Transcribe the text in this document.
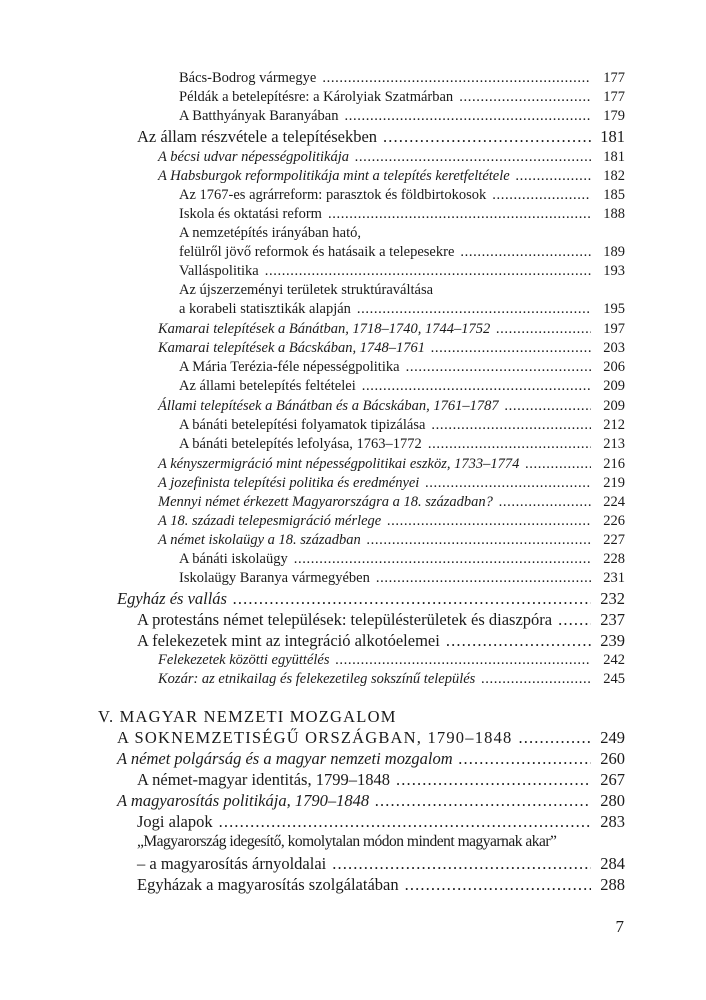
Bács-Bodrog vármegye . . .	177
Példák a betelepítésre: a Károlyiak Szatmárban . . .	177
A Batthyányak Baranyában . . .	179
Az állam részvétele a telepítésekben . . .	181
A bécsi udvar népességpolitikája . . .	181
A Habsburgok reformpolitikája mint a telepítés keretfeltétele . . .	182
Az 1767-es agrárreform: parasztok és földbirtokosok . . .	185
Iskola és oktatási reform . . .	188
A nemzetépítés irányában ható,
felülről jövő reformok és hatásaik a telepesekre . . .	189
Valláspolitika . . .	193
Az újszerzeményi területek struktúraváltása
a korabeli statisztikák alapján . . .	195
Kamarai telepítések a Bánátban, 1718–1740, 1744–1752 . . .	197
Kamarai telepítések a Bácskában, 1748–1761 . . .	203
A Mária Terézia-féle népességpolitika . . .	206
Az állami betelepítés feltételei . . .	209
Állami telepítések a Bánátban és a Bácskában, 1761–1787 . . .	209
A bánáti betelepítési folyamatok tipizálása . . .	212
A bánáti betelepítés lefolyása, 1763–1772 . . .	213
A kényszermigráció mint népességpolitikai eszköz, 1733–1774 . . .	216
A jozefinista telepítési politika és eredményei . . .	219
Mennyi német érkezett Magyarországra a 18. században? . . .	224
A 18. századi telepesmigráció mérlege . . .	226
A német iskolaügy a 18. században . . .	227
A bánáti iskolaügy . . .	228
Iskolaügy Baranya vármegyében . . .	231
Egyház és vallás . . .	232
A protestáns német települések: településterületek és diaszpóra . . .	237
A felekezetek mint az integráció alkotóelemei . . .	239
Felekezetek közötti együttélés . . .	242
Kozár: az etnikailag és felekezetileg sokszínű település . . .	245
V. MAGYAR NEMZETI MOZGALOM
A SOKNEMZETISÉGŰ ORSZÁGBAN, 1790–1848 . . .	249
A német polgárság és a magyar nemzeti mozgalom . . .	260
A német-magyar identitás, 1799–1848 . . .	267
A magyarosítás politikája, 1790–1848 . . .	280
Jogi alapok . . .	283
„Magyarország idegesítő, komolytalan módon mindent magyarnak akar”
– a magyarosítás árnyoldalai . . .	284
Egyházak a magyarosítás szolgálatában . . .	288
7
